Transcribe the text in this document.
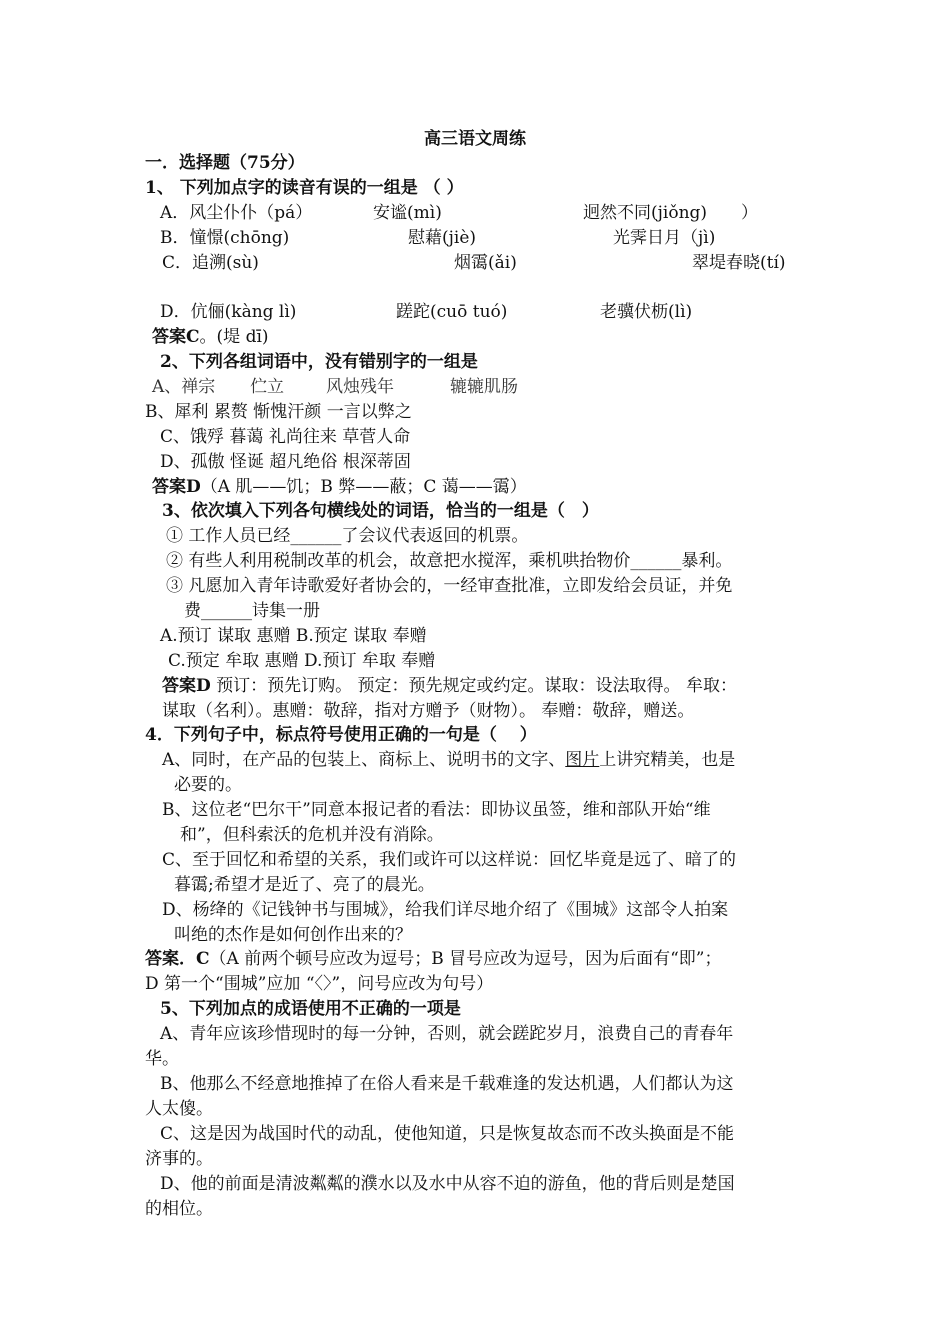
高三语文周练
一．选择题（75分）
1、 下列加点字的读音有误的一组是 （ ）
A．风尘仆仆（pá）	安谧(mì)	迥然不同(jiǒng)　　）
B．憧憬(chōng)	慰藉(jiè)	光霁日月（jì)
C．追溯(sù)	烟霭(ǎi)	翠堤春晓(tí)
D．伉俪(kàng lì)	蹉跎(cuō tuó)	老骥伏枥(lì)
答案C。(堤 dī)
2、下列各组词语中，没有错别字的一组是
A、禅宗 伫立 风烛残年	辘辘肌肠
B、犀利 累赘 惭愧汗颜 一言以弊之
C、饿殍 暮蔼 礼尚往来 草菅人命
D、孤傲 怪诞 超凡绝俗 根深蒂固
答案D（A 肌——饥；B 弊——蔽；C 蔼——霭）
3、依次填入下列各句横线处的词语，恰当的一组是（　）
① 工作人员已经______了会议代表返回的机票。
② 有些人利用税制改革的机会，故意把水搅浑，乘机哄抬物价______暴利。
③ 凡愿加入青年诗歌爱好者协会的，一经审查批准，立即发给会员证，并免
费______诗集一册
A.预订 谋取 惠赠 B.预定 谋取 奉赠
C.预定 牟取 惠赠 D.预订 牟取 奉赠
答案D 预订：预先订购。 预定：预先规定或约定。谋取：设法取得。 牟取：
谋取（名利）。惠赠：敬辞，指对方赠予（财物）。 奉赠：敬辞，赠送。
4．下列句子中，标点符号使用正确的一句是（　 ）
A、同时，在产品的包装上、商标上、说明书的文字、图片上讲究精美，也是
必要的。
B、这位老“巴尔干”同意本报记者的看法：即协议虽签，维和部队开始“维
和”，但科索沃的危机并没有消除。
C、至于回忆和希望的关系，我们或许可以这样说：回忆毕竟是远了、暗了的
暮霭;希望才是近了、亮了的晨光。
D、杨绛的《记钱钟书与围城》，给我们详尽地介绍了《围城》这部令人拍案
叫绝的杰作是如何创作出来的？
答案．C（A 前两个顿号应改为逗号；B 冒号应改为逗号，因为后面有“即”；
D 第一个“围城”应加 “〈〉”，问号应改为句号）
5、下列加点的成语使用不正确的一项是
A、青年应该珍惜现时的每一分钟，否则，就会蹉跎岁月，浪费自己的青春年
华。
B、他那么不经意地推掉了在俗人看来是千载难逢的发达机遇，人们都认为这
人太傻。
C、这是因为战国时代的动乱，使他知道，只是恢复故态而不改头换面是不能
济事的。
D、他的前面是清波粼粼的濮水以及水中从容不迫的游鱼，他的背后则是楚国
的相位。
